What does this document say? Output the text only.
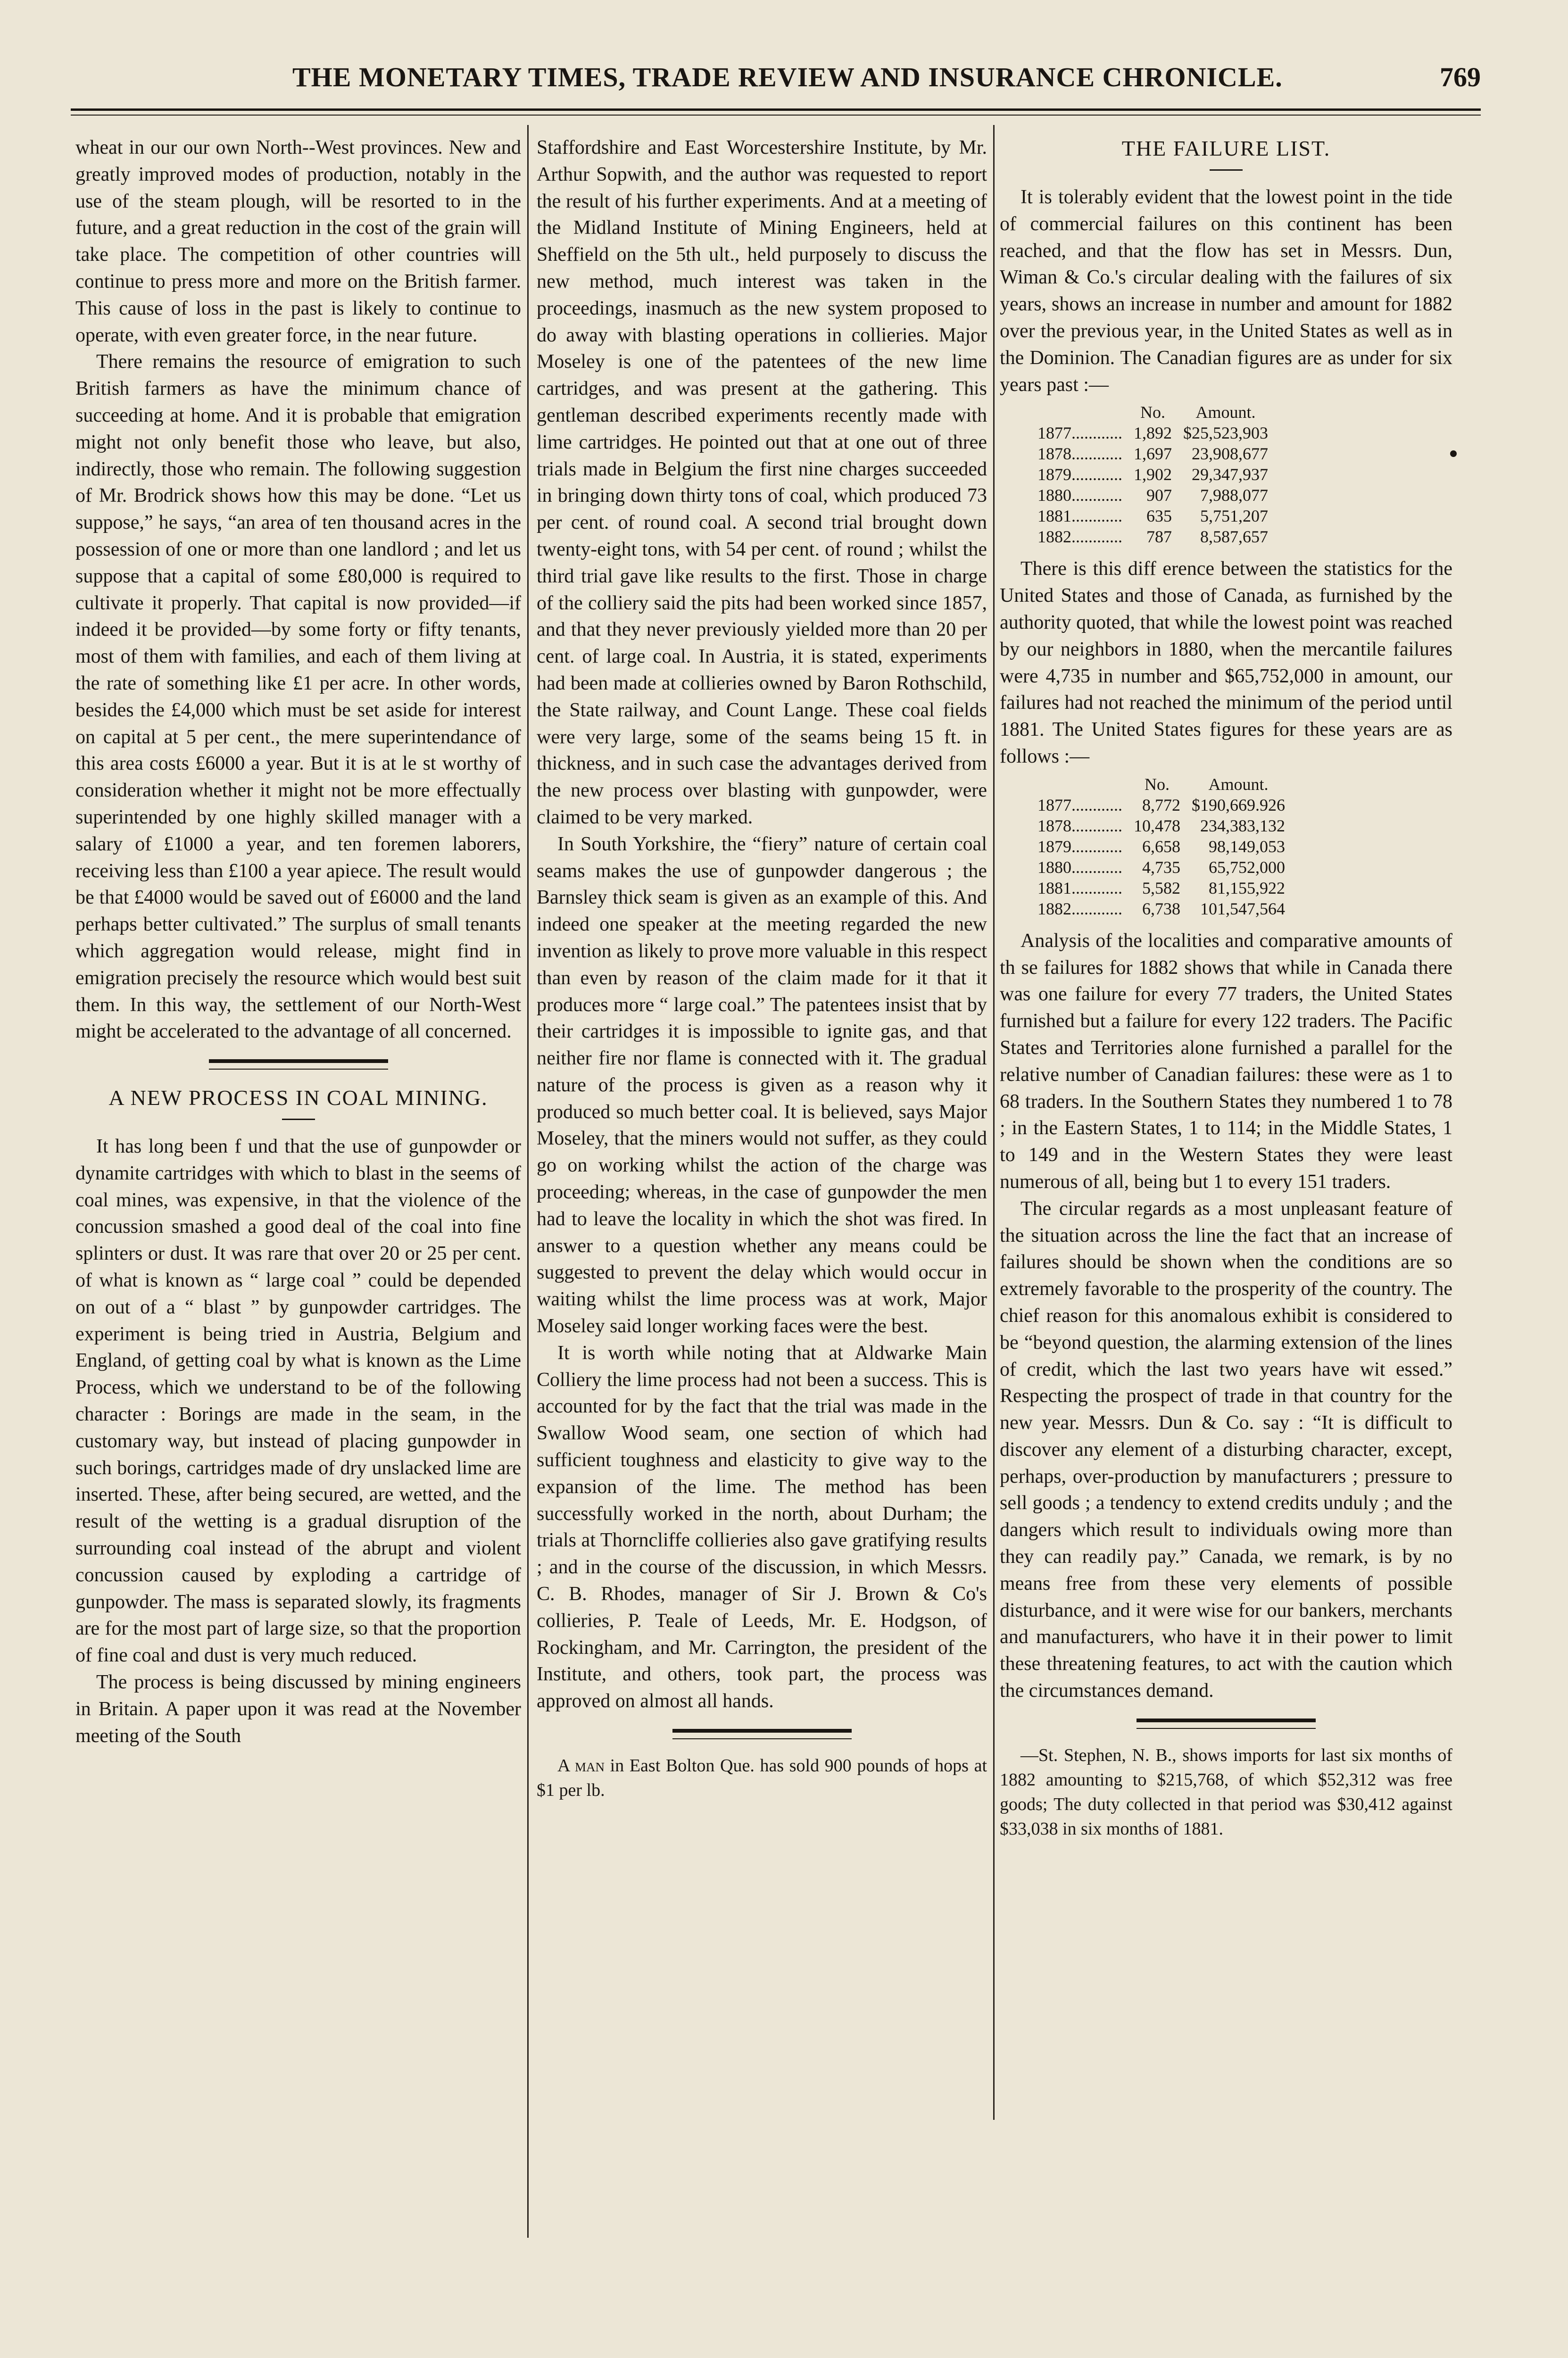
THE MONETARY TIMES, TRADE REVIEW AND INSURANCE CHRONICLE.	769

wheat in our our own North--West provinces. New and greatly improved modes of production, notably in the use of the steam plough, will be resorted to in the future, and a great reduction in the cost of the grain will take place. The competition of other countries will continue to press more and more on the British farmer. This cause of loss in the past is likely to continue to operate, with even greater force, in the near future.

There remains the resource of emigration to such British farmers as have the minimum chance of succeeding at home. And it is probable that emigration might not only benefit those who leave, but also, indirectly, those who remain. The following suggestion of Mr. Brodrick shows how this may be done. “Let us suppose,” he says, “an area of ten thousand acres in the possession of one or more than one landlord ; and let us suppose that a capital of some £80,000 is required to cultivate it properly. That capital is now provided—if indeed it be provided—by some forty or fifty tenants, most of them with families, and each of them living at the rate of something like £1 per acre. In other words, besides the £4,000 which must be set aside for interest on capital at 5 per cent., the mere superintendance of this area costs £6000 a year. But it is at le st worthy of consideration whether it might not be more effectually superintended by one highly skilled manager with a salary of £1000 a year, and ten foremen laborers, receiving less than £100 a year apiece. The result would be that £4000 would be saved out of £6000 and the land perhaps better cultivated.” The surplus of small tenants which aggregation would release, might find in emigration precisely the resource which would best suit them. In this way, the settlement of our North-West might be accelerated to the advantage of all concerned.

A NEW PROCESS IN COAL MINING.

It has long been f und that the use of gunpowder or dynamite cartridges with which to blast in the seems of coal mines, was expensive, in that the violence of the concussion smashed a good deal of the coal into fine splinters or dust. It was rare that over 20 or 25 per cent. of what is known as “ large coal ” could be depended on out of a “ blast ” by gunpowder cartridges. The experiment is being tried in Austria, Belgium and England, of getting coal by what is known as the Lime Process, which we understand to be of the following character : Borings are made in the seam, in the customary way, but instead of placing gunpowder in such borings, cartridges made of dry unslacked lime are inserted. These, after being secured, are wetted, and the result of the wetting is a gradual disruption of the surrounding coal instead of the abrupt and violent concussion caused by exploding a cartridge of gunpowder. The mass is separated slowly, its fragments are for the most part of large size, so that the proportion of fine coal and dust is very much reduced.

The process is being discussed by mining engineers in Britain. A paper upon it was read at the November meeting of the South

Staffordshire and East Worcestershire Institute, by Mr. Arthur Sopwith, and the author was requested to report the result of his further experiments. And at a meeting of the Midland Institute of Mining Engineers, held at Sheffield on the 5th ult., held purposely to discuss the new method, much interest was taken in the proceedings, inasmuch as the new system proposed to do away with blasting operations in collieries. Major Moseley is one of the patentees of the new lime cartridges, and was present at the gathering. This gentleman described experiments recently made with lime cartridges. He pointed out that at one out of three trials made in Belgium the first nine charges succeeded in bringing down thirty tons of coal, which produced 73 per cent. of round coal. A second trial brought down twenty-eight tons, with 54 per cent. of round ; whilst the third trial gave like results to the first. Those in charge of the colliery said the pits had been worked since 1857, and that they never previously yielded more than 20 per cent. of large coal. In Austria, it is stated, experiments had been made at collieries owned by Baron Rothschild, the State railway, and Count Lange. These coal fields were very large, some of the seams being 15 ft. in thickness, and in such case the advantages derived from the new process over blasting with gunpowder, were claimed to be very marked.

In South Yorkshire, the “fiery” nature of certain coal seams makes the use of gunpowder dangerous ; the Barnsley thick seam is given as an example of this. And indeed one speaker at the meeting regarded the new invention as likely to prove more valuable in this respect than even by reason of the claim made for it that it produces more “ large coal.” The patentees insist that by their cartridges it is impossible to ignite gas, and that neither fire nor flame is connected with it. The gradual nature of the process is given as a reason why it produced so much better coal. It is believed, says Major Moseley, that the miners would not suffer, as they could go on working whilst the action of the charge was proceeding; whereas, in the case of gunpowder the men had to leave the locality in which the shot was fired. In answer to a question whether any means could be suggested to prevent the delay which would occur in waiting whilst the lime process was at work, Major Moseley said longer working faces were the best.

It is worth while noting that at Aldwarke Main Colliery the lime process had not been a success. This is accounted for by the fact that the trial was made in the Swallow Wood seam, one section of which had sufficient toughness and elasticity to give way to the expansion of the lime. The method has been successfully worked in the north, about Durham; the trials at Thorncliffe collieries also gave gratifying results ; and in the course of the discussion, in which Messrs. C. B. Rhodes, manager of Sir J. Brown & Co's collieries, P. Teale of Leeds, Mr. E. Hodgson, of Rockingham, and Mr. Carrington, the president of the Institute, and others, took part, the process was approved on almost all hands.

A man in East Bolton Que. has sold 900 pounds of hops at $1 per lb.

THE FAILURE LIST.

It is tolerably evident that the lowest point in the tide of commercial failures on this continent has been reached, and that the flow has set in Messrs. Dun, Wiman & Co.'s circular dealing with the failures of six years, shows an increase in number and amount for 1882 over the previous year, in the United States as well as in the Dominion. The Canadian figures are as under for six years past :—

	No.	Amount.
1877............	1,892	$25,523,903
1878............	1,697	23,908,677
1879............	1,902	29,347,937
1880............	907	7,988,077
1881............	635	5,751,207
1882............	787	8,587,657

There is this diff erence between the statistics for the United States and those of Canada, as furnished by the authority quoted, that while the lowest point was reached by our neighbors in 1880, when the mercantile failures were 4,735 in number and $65,752,000 in amount, our failures had not reached the minimum of the period until 1881. The United States figures for these years are as follows :—

	No.	Amount.
1877............	8,772	$190,669.926
1878............	10,478	234,383,132
1879............	6,658	98,149,053
1880............	4,735	65,752,000
1881............	5,582	81,155,922
1882............	6,738	101,547,564

Analysis of the localities and comparative amounts of th se failures for 1882 shows that while in Canada there was one failure for every 77 traders, the United States furnished but a failure for every 122 traders. The Pacific States and Territories alone furnished a parallel for the relative number of Canadian failures: these were as 1 to 68 traders. In the Southern States they numbered 1 to 78 ; in the Eastern States, 1 to 114; in the Middle States, 1 to 149 and in the Western States they were least numerous of all, being but 1 to every 151 traders.

The circular regards as a most unpleasant feature of the situation across the line the fact that an increase of failures should be shown when the conditions are so extremely favorable to the prosperity of the country. The chief reason for this anomalous exhibit is considered to be “beyond question, the alarming extension of the lines of credit, which the last two years have wit essed.” Respecting the prospect of trade in that country for the new year. Messrs. Dun & Co. say : “It is difficult to discover any element of a disturbing character, except, perhaps, over-production by manufacturers ; pressure to sell goods ; a tendency to extend credits unduly ; and the dangers which result to individuals owing more than they can readily pay.” Canada, we remark, is by no means free from these very elements of possible disturbance, and it were wise for our bankers, merchants and manufacturers, who have it in their power to limit these threatening features, to act with the caution which the circumstances demand.

—St. Stephen, N. B., shows imports for last six months of 1882 amounting to $215,768, of which $52,312 was free goods; The duty collected in that period was $30,412 against $33,038 in six months of 1881.
